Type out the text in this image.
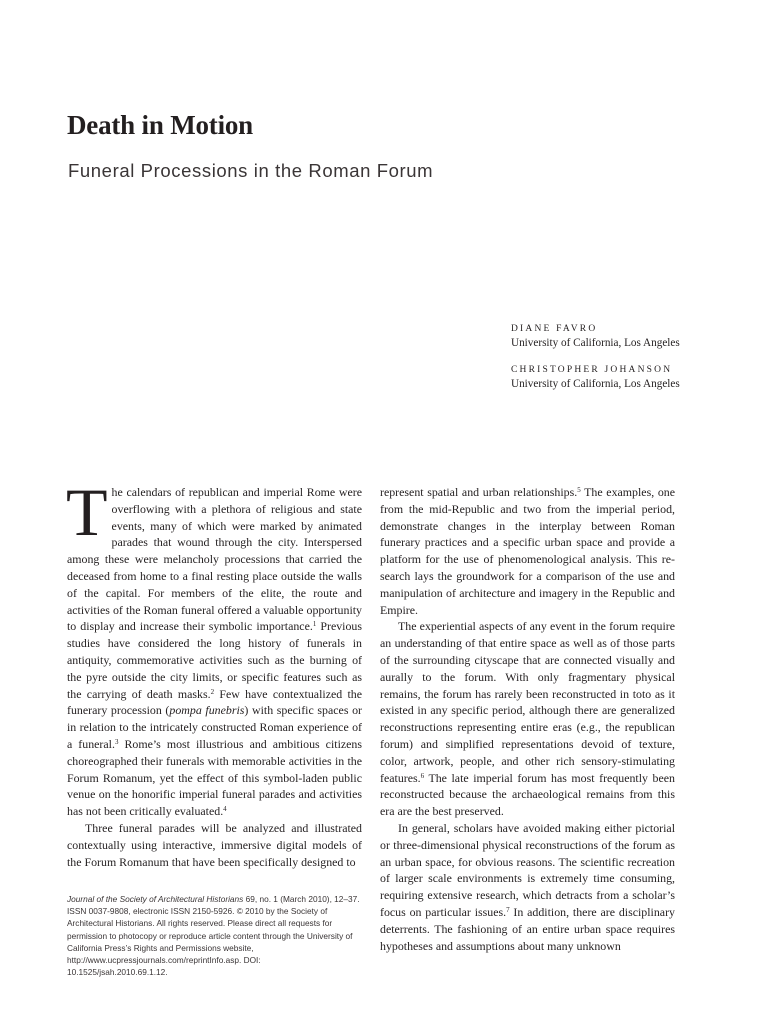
Death in Motion
Funeral Processions in the Roman Forum
DIANE FAVRO
University of California, Los Angeles
CHRISTOPHER JOHANSON
University of California, Los Angeles

The calendars of republican and imperial Rome were overflowing with a plethora of religious and state events, many of which were marked by animated parades that wound through the city. Interspersed among these were melancholy processions that carried the deceased from home to a final resting place outside the walls of the capital. For members of the elite, the route and activities of the Roman funeral offered a valuable opportunity to display and increase their symbolic importance.$^1$ Previous studies have considered the long history of funerals in antiquity, commemorative activities such as the burning of the pyre outside the city limits, or specific features such as the carrying of death masks.$^2$ Few have contextualized the funerary procession (pompa funebris) with specific spaces or in relation to the intricately constructed Roman experience of a funeral.$^3$ Rome’s most illustrious and ambitious citizens choreographed their funerals with memorable activities in the Forum Romanum, yet the effect of this symbol-laden public venue on the honorific imperial funeral parades and activities has not been critically evaluated.$^4$

Three funeral parades will be analyzed and illustrated contextually using interactive, immersive digital models of the Forum Romanum that have been specifically designed to

represent spatial and urban relationships.$^5$ The examples, one from the mid-Republic and two from the imperial period, demonstrate changes in the interplay between Roman funerary practices and a specific urban space and provide a platform for the use of phenomenological analysis. This research lays the groundwork for a comparison of the use and manipulation of architecture and imagery in the Republic and Empire.

The experiential aspects of any event in the forum require an understanding of that entire space as well as of those parts of the surrounding cityscape that are connected visually and aurally to the forum. With only fragmentary physical remains, the forum has rarely been reconstructed in toto as it existed in any specific period, although there are generalized reconstructions representing entire eras (e.g., the republican forum) and simplified representations devoid of texture, color, artwork, people, and other rich sensory-stimulating features.$^6$ The late imperial forum has most frequently been reconstructed because the archaeological remains from this era are the best preserved.

In general, scholars have avoided making either pictorial or three-dimensional physical reconstructions of the forum as an urban space, for obvious reasons. The scientific recreation of larger scale environments is extremely time consuming, requiring extensive research, which detracts from a scholar’s focus on particular issues.$^7$ In addition, there are disciplinary deterrents. The fashioning of an entire urban space requires hypotheses and assumptions about many unknown

Journal of the Society of Architectural Historians 69, no. 1 (March 2010), 12–37. ISSN 0037-9808, electronic ISSN 2150-5926. © 2010 by the Society of Architectural Historians. All rights reserved. Please direct all requests for permission to photocopy or reproduce article content through the University of California Press’s Rights and Permissions website, http://www.ucpressjournals.com/reprintInfo.asp. DOI: 10.1525/jsah.2010.69.1.12.
